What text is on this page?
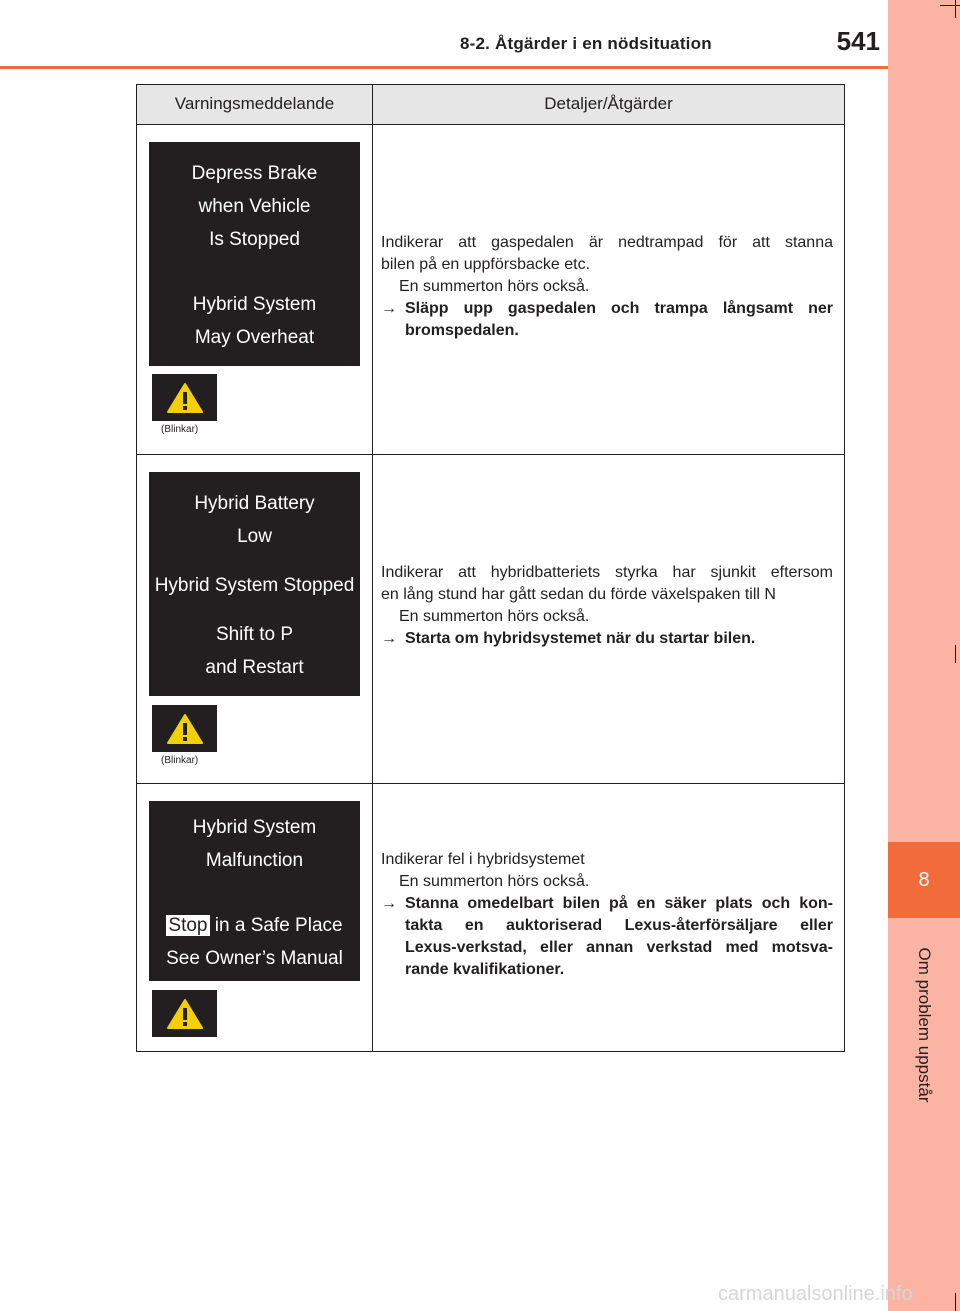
8-2. Åtgärder i en nödsituation	541
8
Om problem uppstår
Varningsmeddelande	Detaljer/Åtgärder
Depress Brake
when Vehicle
Is Stopped
Hybrid System
May Overheat
(Blinkar)

Indikerar att gaspedalen är nedtrampad för att stanna

bilen på en uppförsbacke etc.

En summerton hörs också.

→ Släpp upp gaspedalen och trampa långsamt ner
bromspedalen.
Hybrid Battery
Low
Hybrid System Stopped
Shift to P
and Restart
(Blinkar)

Indikerar att hybridbatteriets styrka har sjunkit eftersom

en lång stund har gått sedan du förde växelspaken till N

En summerton hörs också.

→ Starta om hybridsystemet när du startar bilen.
Hybrid System
Malfunction
Stop in a Safe Place
See Owner’s Manual

Indikerar fel i hybridsystemet

En summerton hörs också.

→ Stanna omedelbart bilen på en säker plats och kon-
takta en auktoriserad Lexus-återförsäljare eller
Lexus-verkstad, eller annan verkstad med motsva-
rande kvalifikationer.
carmanualsonline.info
